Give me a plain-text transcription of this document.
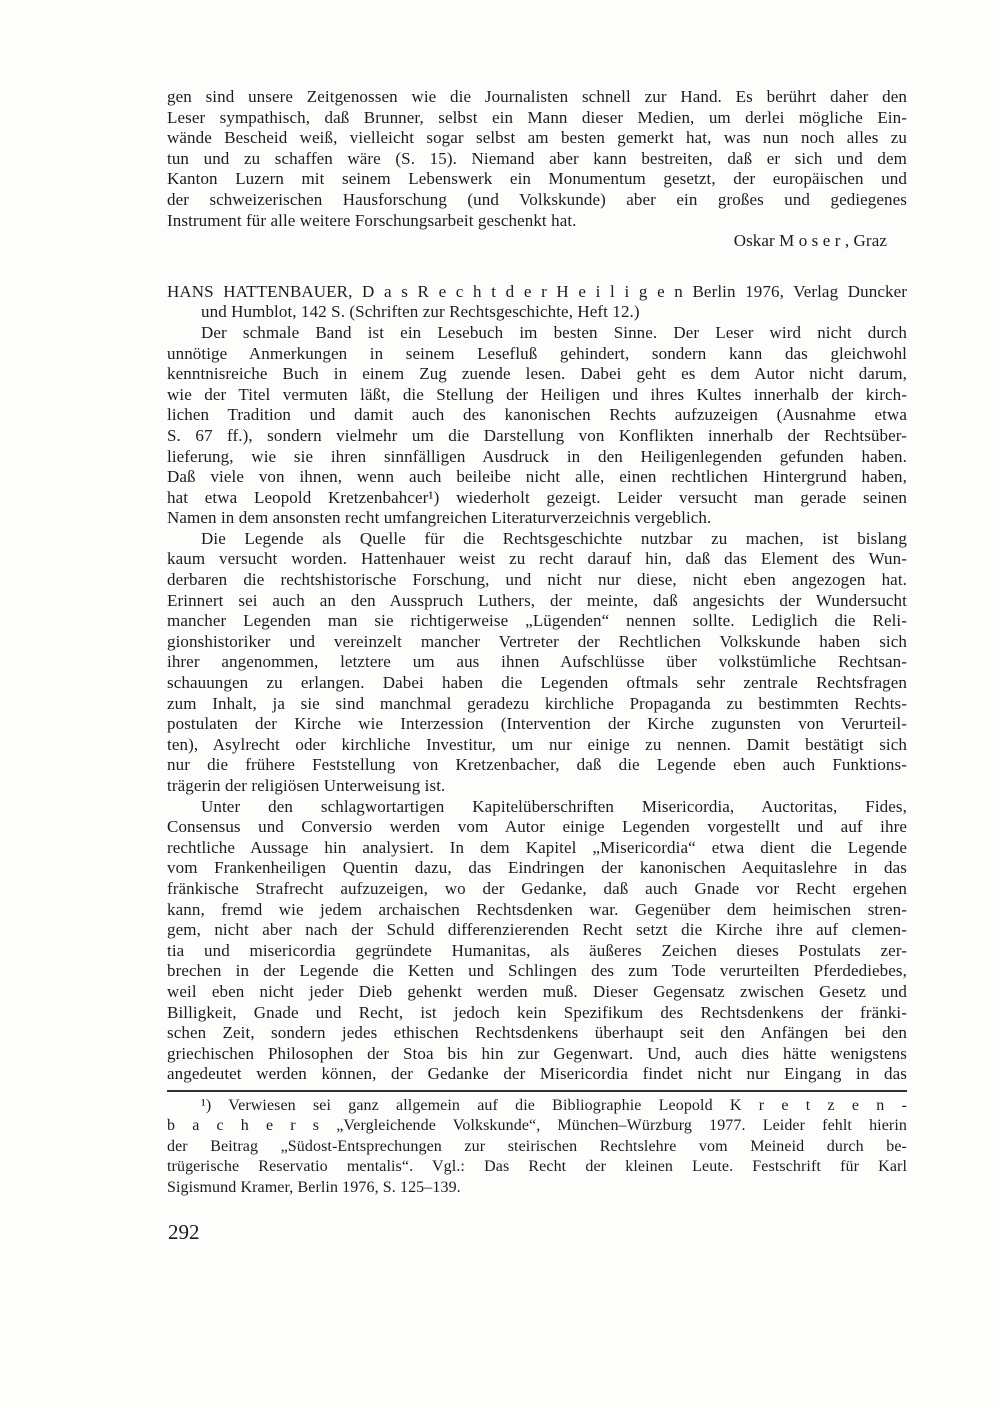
gen sind unsere Zeitgenossen wie die Journalisten schnell zur Hand. Es berührt daher den
Leser sympathisch, daß Brunner, selbst ein Mann dieser Medien, um derlei mögliche Ein-
wände Bescheid weiß, vielleicht sogar selbst am besten gemerkt hat, was nun noch alles zu
tun und zu schaffen wäre (S. 15). Niemand aber kann bestreiten, daß er sich und dem
Kanton Luzern mit seinem Lebenswerk ein Monumentum gesetzt, der europäischen und
der schweizerischen Hausforschung (und Volkskunde) aber ein großes und gediegenes
Instrument für alle weitere Forschungsarbeit geschenkt hat.
Oskar M o s e r , Graz
HANS HATTENBAUER, D a s R e c h t d e r H e i l i g e n Berlin 1976, Verlag Duncker
und Humblot, 142 S. (Schriften zur Rechtsgeschichte, Heft 12.)
Der schmale Band ist ein Lesebuch im besten Sinne. Der Leser wird nicht durch
unnötige Anmerkungen in seinem Lesefluß gehindert, sondern kann das gleichwohl
kenntnisreiche Buch in einem Zug zuende lesen. Dabei geht es dem Autor nicht darum,
wie der Titel vermuten läßt, die Stellung der Heiligen und ihres Kultes innerhalb der kirch-
lichen Tradition und damit auch des kanonischen Rechts aufzuzeigen (Ausnahme etwa
S. 67 ff.), sondern vielmehr um die Darstellung von Konflikten innerhalb der Rechtsüber-
lieferung, wie sie ihren sinnfälligen Ausdruck in den Heiligenlegenden gefunden haben.
Daß viele von ihnen, wenn auch beileibe nicht alle, einen rechtlichen Hintergrund haben,
hat etwa Leopold Kretzenbahcer¹) wiederholt gezeigt. Leider versucht man gerade seinen
Namen in dem ansonsten recht umfangreichen Literaturverzeichnis vergeblich.
Die Legende als Quelle für die Rechtsgeschichte nutzbar zu machen, ist bislang
kaum versucht worden. Hattenhauer weist zu recht darauf hin, daß das Element des Wun-
derbaren die rechtshistorische Forschung, und nicht nur diese, nicht eben angezogen hat.
Erinnert sei auch an den Ausspruch Luthers, der meinte, daß angesichts der Wundersucht
mancher Legenden man sie richtigerweise „Lügenden“ nennen sollte. Lediglich die Reli-
gionshistoriker und vereinzelt mancher Vertreter der Rechtlichen Volkskunde haben sich
ihrer angenommen, letztere um aus ihnen Aufschlüsse über volkstümliche Rechtsan-
schauungen zu erlangen. Dabei haben die Legenden oftmals sehr zentrale Rechtsfragen
zum Inhalt, ja sie sind manchmal geradezu kirchliche Propaganda zu bestimmten Rechts-
postulaten der Kirche wie Interzession (Intervention der Kirche zugunsten von Verurteil-
ten), Asylrecht oder kirchliche Investitur, um nur einige zu nennen. Damit bestätigt sich
nur die frühere Feststellung von Kretzenbacher, daß die Legende eben auch Funktions-
trägerin der religiösen Unterweisung ist.
Unter den schlagwortartigen Kapitelüberschriften Misericordia, Auctoritas, Fides,
Consensus und Conversio werden vom Autor einige Legenden vorgestellt und auf ihre
rechtliche Aussage hin analysiert. In dem Kapitel „Misericordia“ etwa dient die Legende
vom Frankenheiligen Quentin dazu, das Eindringen der kanonischen Aequitaslehre in das
fränkische Strafrecht aufzuzeigen, wo der Gedanke, daß auch Gnade vor Recht ergehen
kann, fremd wie jedem archaischen Rechtsdenken war. Gegenüber dem heimischen stren-
gem, nicht aber nach der Schuld differenzierenden Recht setzt die Kirche ihre auf clemen-
tia und misericordia gegründete Humanitas, als äußeres Zeichen dieses Postulats zer-
brechen in der Legende die Ketten und Schlingen des zum Tode verurteilten Pferdediebes,
weil eben nicht jeder Dieb gehenkt werden muß. Dieser Gegensatz zwischen Gesetz und
Billigkeit, Gnade und Recht, ist jedoch kein Spezifikum des Rechtsdenkens der fränki-
schen Zeit, sondern jedes ethischen Rechtsdenkens überhaupt seit den Anfängen bei den
griechischen Philosophen der Stoa bis hin zur Gegenwart. Und, auch dies hätte wenigstens
angedeutet werden können, der Gedanke der Misericordia findet nicht nur Eingang in das
¹) Verwiesen sei ganz allgemein auf die Bibliographie Leopold K r e t z e n -
b a c h e r s „Vergleichende Volkskunde“, München–Würzburg 1977. Leider fehlt hierin
der Beitrag „Südost-Entsprechungen zur steirischen Rechtslehre vom Meineid durch be-
trügerische Reservatio mentalis“. Vgl.: Das Recht der kleinen Leute. Festschrift für Karl
Sigismund Kramer, Berlin 1976, S. 125–139.
292
